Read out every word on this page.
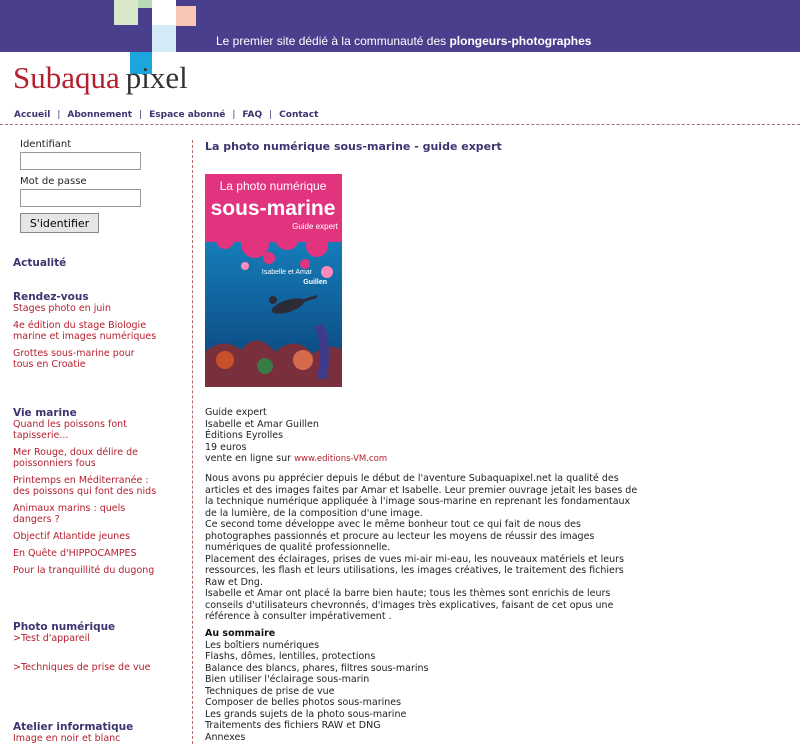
Le premier site dédié à la communauté des plongeurs-photographes
Subaqua pixel
Accueil | Abonnement | Espace abonné | FAQ | Contact
Identifiant
Mot de passe
S'identifier
Actualité
Rendez-vous
Stages photo en juin
4e édition du stage Biologie marine et images numériques
Grottes sous-marine pour tous en Croatie
Vie marine
Quand les poissons font tapisserie...
Mer Rouge, doux délire de poissonniers fous
Printemps en Méditerranée : des poissons qui font des nids
Animaux marins : quels dangers ?
Objectif Atlantide jeunes
En Quête d'HIPPOCAMPES
Pour la tranquillité du dugong
Photo numérique
>Test d'appareil
>Techniques de prise de vue
Atelier informatique
Image en noir et blanc
La photo numérique sous-marine - guide expert
La photo numérique
sous-marine
Guide expert
Isabelle et Amar
Guillen
Guide expert
Isabelle et Amar Guillen
Éditions Eyrolles
19 euros
vente en ligne sur www.editions-VM.com

Nous avons pu apprécier depuis le début de l'aventure Subaquapixel.net la qualité des articles et des images faites par Amar et Isabelle. Leur premier ouvrage jetait les bases de la technique numérique appliquée à l'image sous-marine en reprenant les fondamentaux de la lumière, de la composition d'une image.

Ce second tome développe avec le même bonheur tout ce qui fait de nous des photographes passionnés et procure au lecteur les moyens de réussir des images numériques de qualité professionnelle.

Placement des éclairages, prises de vues mi-air mi-eau, les nouveaux matériels et leurs ressources, les flash et leurs utilisations, les images créatives, le traitement des fichiers Raw et Dng.

Isabelle et Amar ont placé la barre bien haute; tous les thèmes sont enrichis de leurs conseils d'utilisateurs chevronnés, d'images très explicatives, faisant de cet opus une référence à consulter impérativement .

Au sommaire
Les boîtiers numériques
Flashs, dômes, lentilles, protections
Balance des blancs, phares, filtres sous-marins
Bien utiliser l'éclairage sous-marin
Techniques de prise de vue
Composer de belles photos sous-marines
Les grands sujets de la photo sous-marine
Traitements des fichiers RAW et DNG
Annexes
